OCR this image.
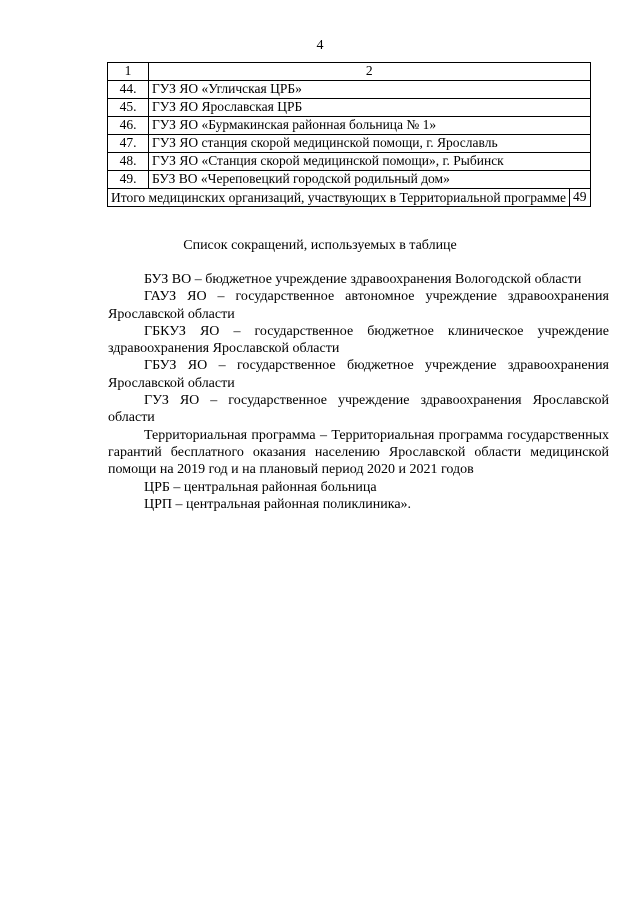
4
1	2	
44.	ГУЗ ЯО «Угличская ЦРБ»	
45.	ГУЗ ЯО Ярославская ЦРБ	
46.	ГУЗ ЯО «Бурмакинская районная больница № 1»	
47.	ГУЗ ЯО станция скорой медицинской помощи, г. Ярославль	
48.	ГУЗ ЯО «Станция скорой медицинской помощи», г. Рыбинск	
49.	БУЗ ВО «Череповецкий городской родильный дом»	
Итого медицинских организаций, участвующих в Территориальной программе		49
Список сокращений, используемых в таблице

БУЗ ВО – бюджетное учреждение здравоохранения Вологодской области

ГАУЗ ЯО – государственное автономное учреждение здравоохранения Ярославской области

ГБКУЗ ЯО – государственное бюджетное клиническое учреждение здравоохранения Ярославской области

ГБУЗ ЯО – государственное бюджетное учреждение здравоохранения Ярославской области

ГУЗ ЯО – государственное учреждение здравоохранения Ярославской области

Территориальная программа – Территориальная программа государственных гарантий бесплатного оказания населению Ярославской области медицинской помощи на 2019 год и на плановый период 2020 и 2021 годов

ЦРБ – центральная районная больница

ЦРП – центральная районная поликлиника».
